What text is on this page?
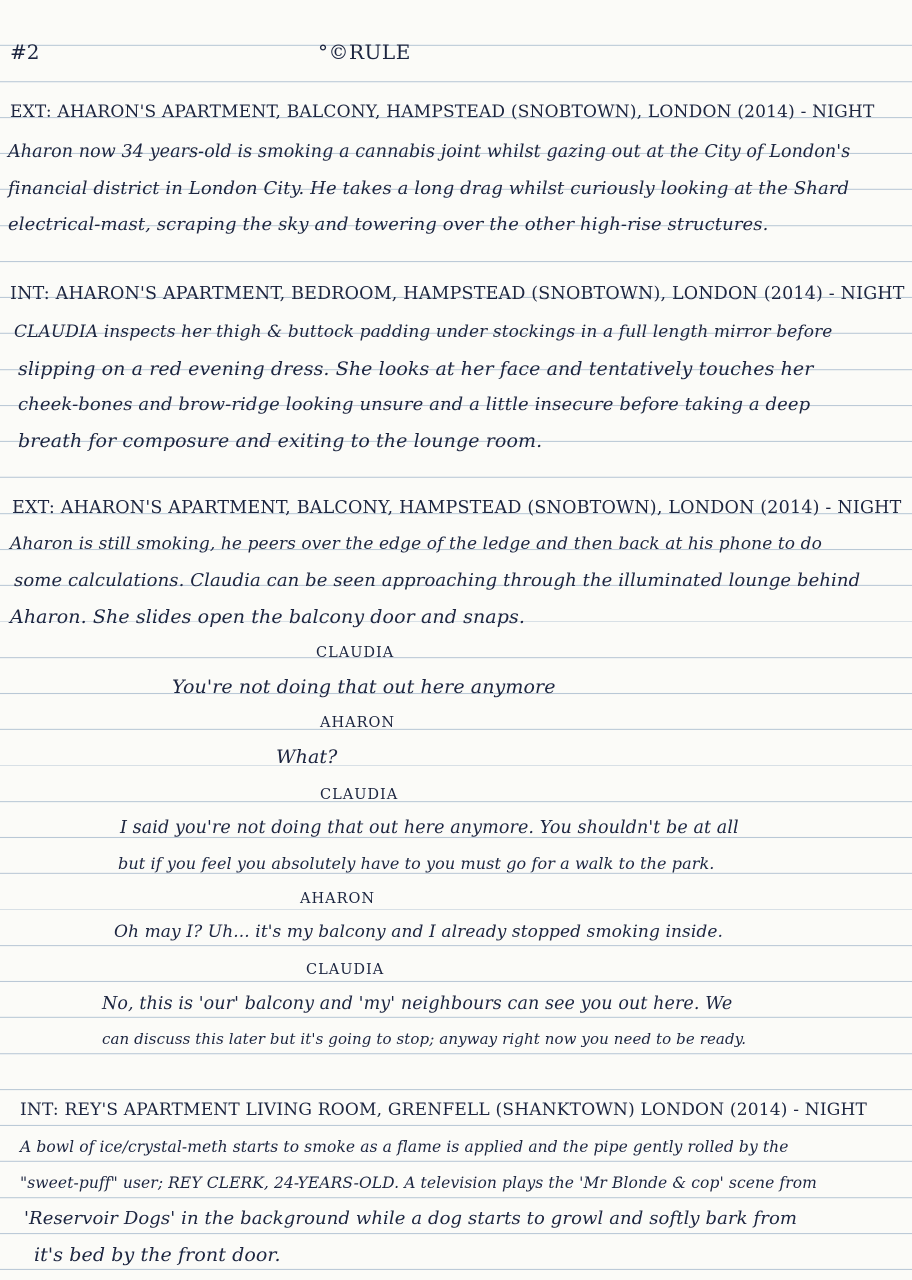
#2	°©RULE
EXT: AHARON'S APARTMENT, BALCONY, HAMPSTEAD (SNOBTOWN), LONDON (2014) - NIGHT
Aharon now 34 years-old is smoking a cannabis joint whilst gazing out at the City of London's
financial district in London City. He takes a long drag whilst curiously looking at the Shard
electrical-mast, scraping the sky and towering over the other high-rise structures.
INT: AHARON'S APARTMENT, BEDROOM, HAMPSTEAD (SNOBTOWN), LONDON (2014) - NIGHT
CLAUDIA inspects her thigh & buttock padding under stockings in a full length mirror before
slipping on a red evening dress. She looks at her face and tentatively touches her
cheek-bones and brow-ridge looking unsure and a little insecure before taking a deep
breath for composure and exiting to the lounge room.
EXT: AHARON'S APARTMENT, BALCONY, HAMPSTEAD (SNOBTOWN), LONDON (2014) - NIGHT
Aharon is still smoking, he peers over the edge of the ledge and then back at his phone to do
some calculations. Claudia can be seen approaching through the illuminated lounge behind
Aharon. She slides open the balcony door and snaps.
CLAUDIA
You're not doing that out here anymore
AHARON
What?
CLAUDIA
I said you're not doing that out here anymore. You shouldn't be at all
but if you feel you absolutely have to you must go for a walk to the park.
AHARON
Oh may I? Uh... it's my balcony and I already stopped smoking inside.
CLAUDIA
No, this is 'our' balcony and 'my' neighbours can see you out here. We
can discuss this later but it's going to stop; anyway right now you need to be ready.
INT: REY'S APARTMENT LIVING ROOM, GRENFELL (SHANKTOWN) LONDON (2014) - NIGHT
A bowl of ice/crystal-meth starts to smoke as a flame is applied and the pipe gently rolled by the
"sweet-puff" user; REY CLERK, 24-YEARS-OLD. A television plays the 'Mr Blonde & cop' scene from
'Reservoir Dogs' in the background while a dog starts to growl and softly bark from
it's bed by the front door.
